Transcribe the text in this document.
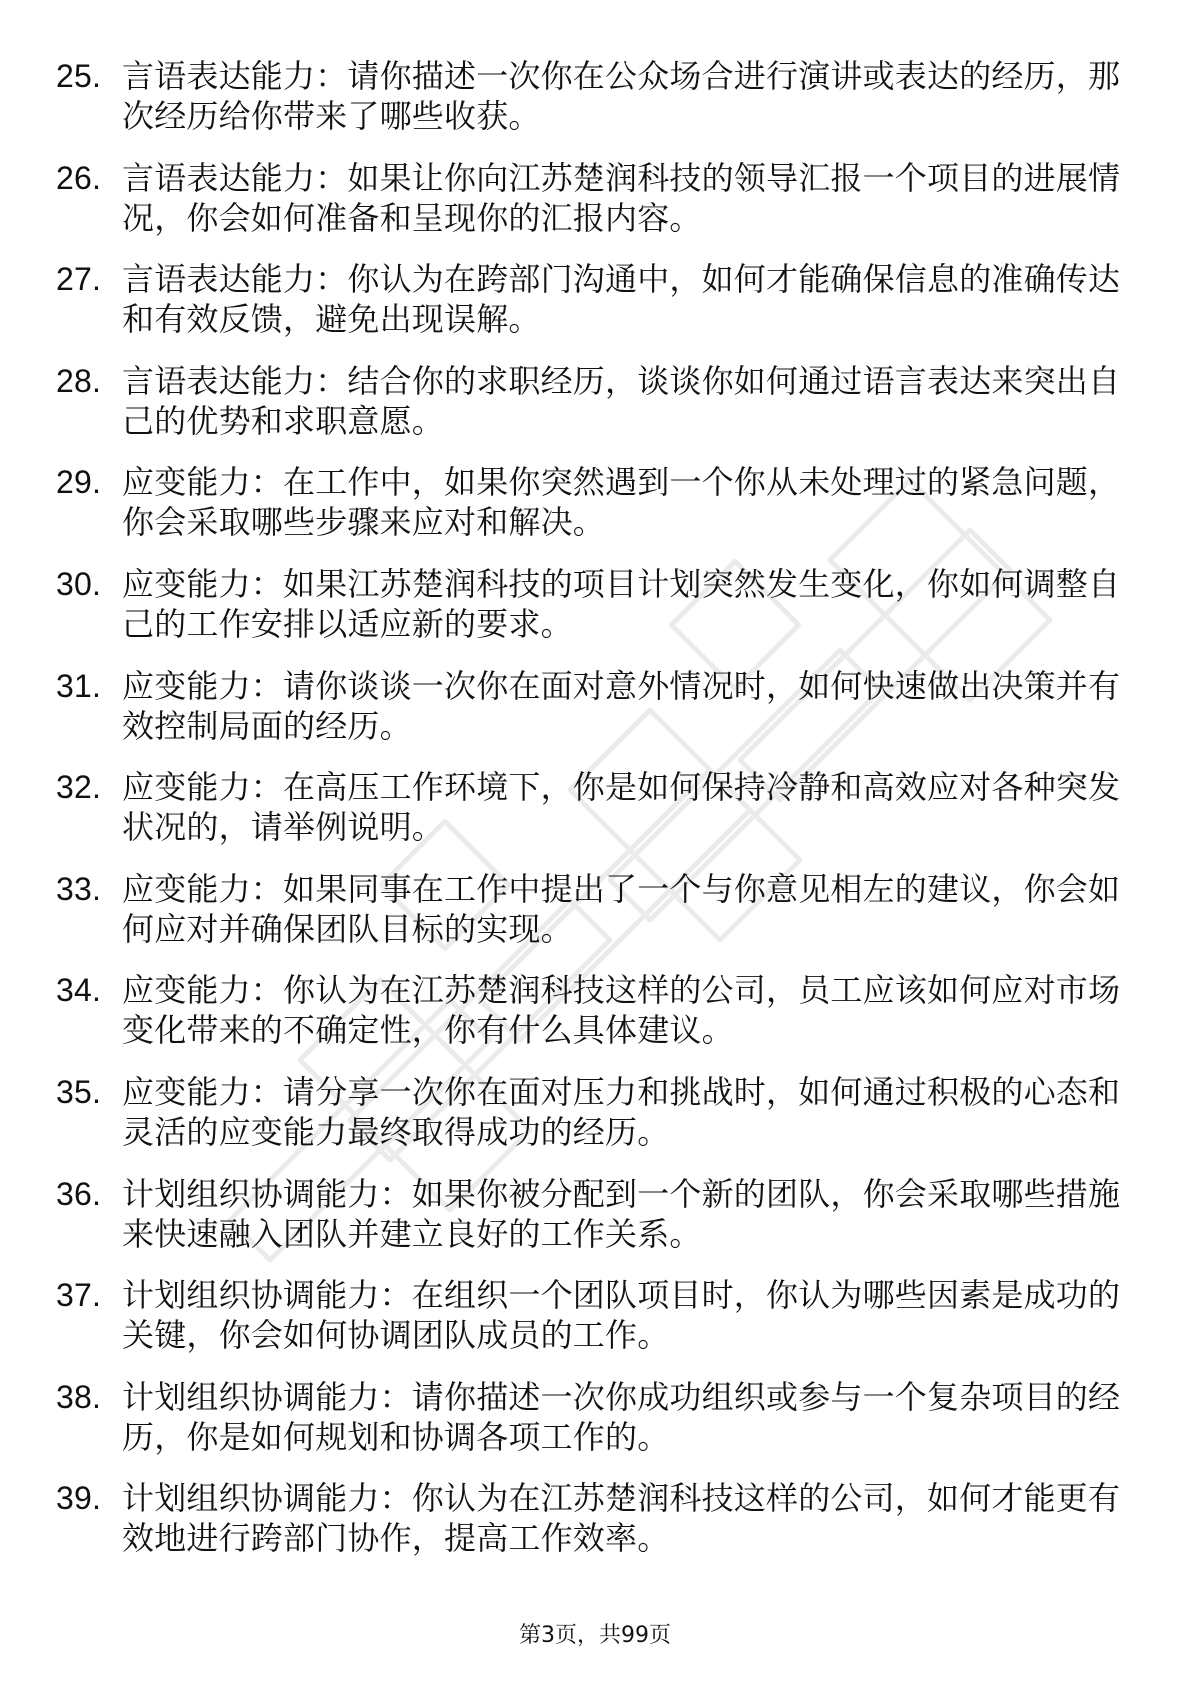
25. 言语表达能力：请你描述一次你在公众场合进行演讲或表达的经历，那次经历给你带来了哪些收获。
26. 言语表达能力：如果让你向江苏楚润科技的领导汇报一个项目的进展情况，你会如何准备和呈现你的汇报内容。
27. 言语表达能力：你认为在跨部门沟通中，如何才能确保信息的准确传达和有效反馈，避免出现误解。
28. 言语表达能力：结合你的求职经历，谈谈你如何通过语言表达来突出自己的优势和求职意愿。
29. 应变能力：在工作中，如果你突然遇到一个你从未处理过的紧急问题，你会采取哪些步骤来应对和解决。
30. 应变能力：如果江苏楚润科技的项目计划突然发生变化，你如何调整自己的工作安排以适应新的要求。
31. 应变能力：请你谈谈一次你在面对意外情况时，如何快速做出决策并有效控制局面的经历。
32. 应变能力：在高压工作环境下，你是如何保持冷静和高效应对各种突发状况的，请举例说明。
33. 应变能力：如果同事在工作中提出了一个与你意见相左的建议，你会如何应对并确保团队目标的实现。
34. 应变能力：你认为在江苏楚润科技这样的公司，员工应该如何应对市场变化带来的不确定性，你有什么具体建议。
35. 应变能力：请分享一次你在面对压力和挑战时，如何通过积极的心态和灵活的应变能力最终取得成功的经历。
36. 计划组织协调能力：如果你被分配到一个新的团队，你会采取哪些措施来快速融入团队并建立良好的工作关系。
37. 计划组织协调能力：在组织一个团队项目时，你认为哪些因素是成功的关键，你会如何协调团队成员的工作。
38. 计划组织协调能力：请你描述一次你成功组织或参与一个复杂项目的经历，你是如何规划和协调各项工作的。
39. 计划组织协调能力：你认为在江苏楚润科技这样的公司，如何才能更有效地进行跨部门协作，提高工作效率。
第3页，共99页
